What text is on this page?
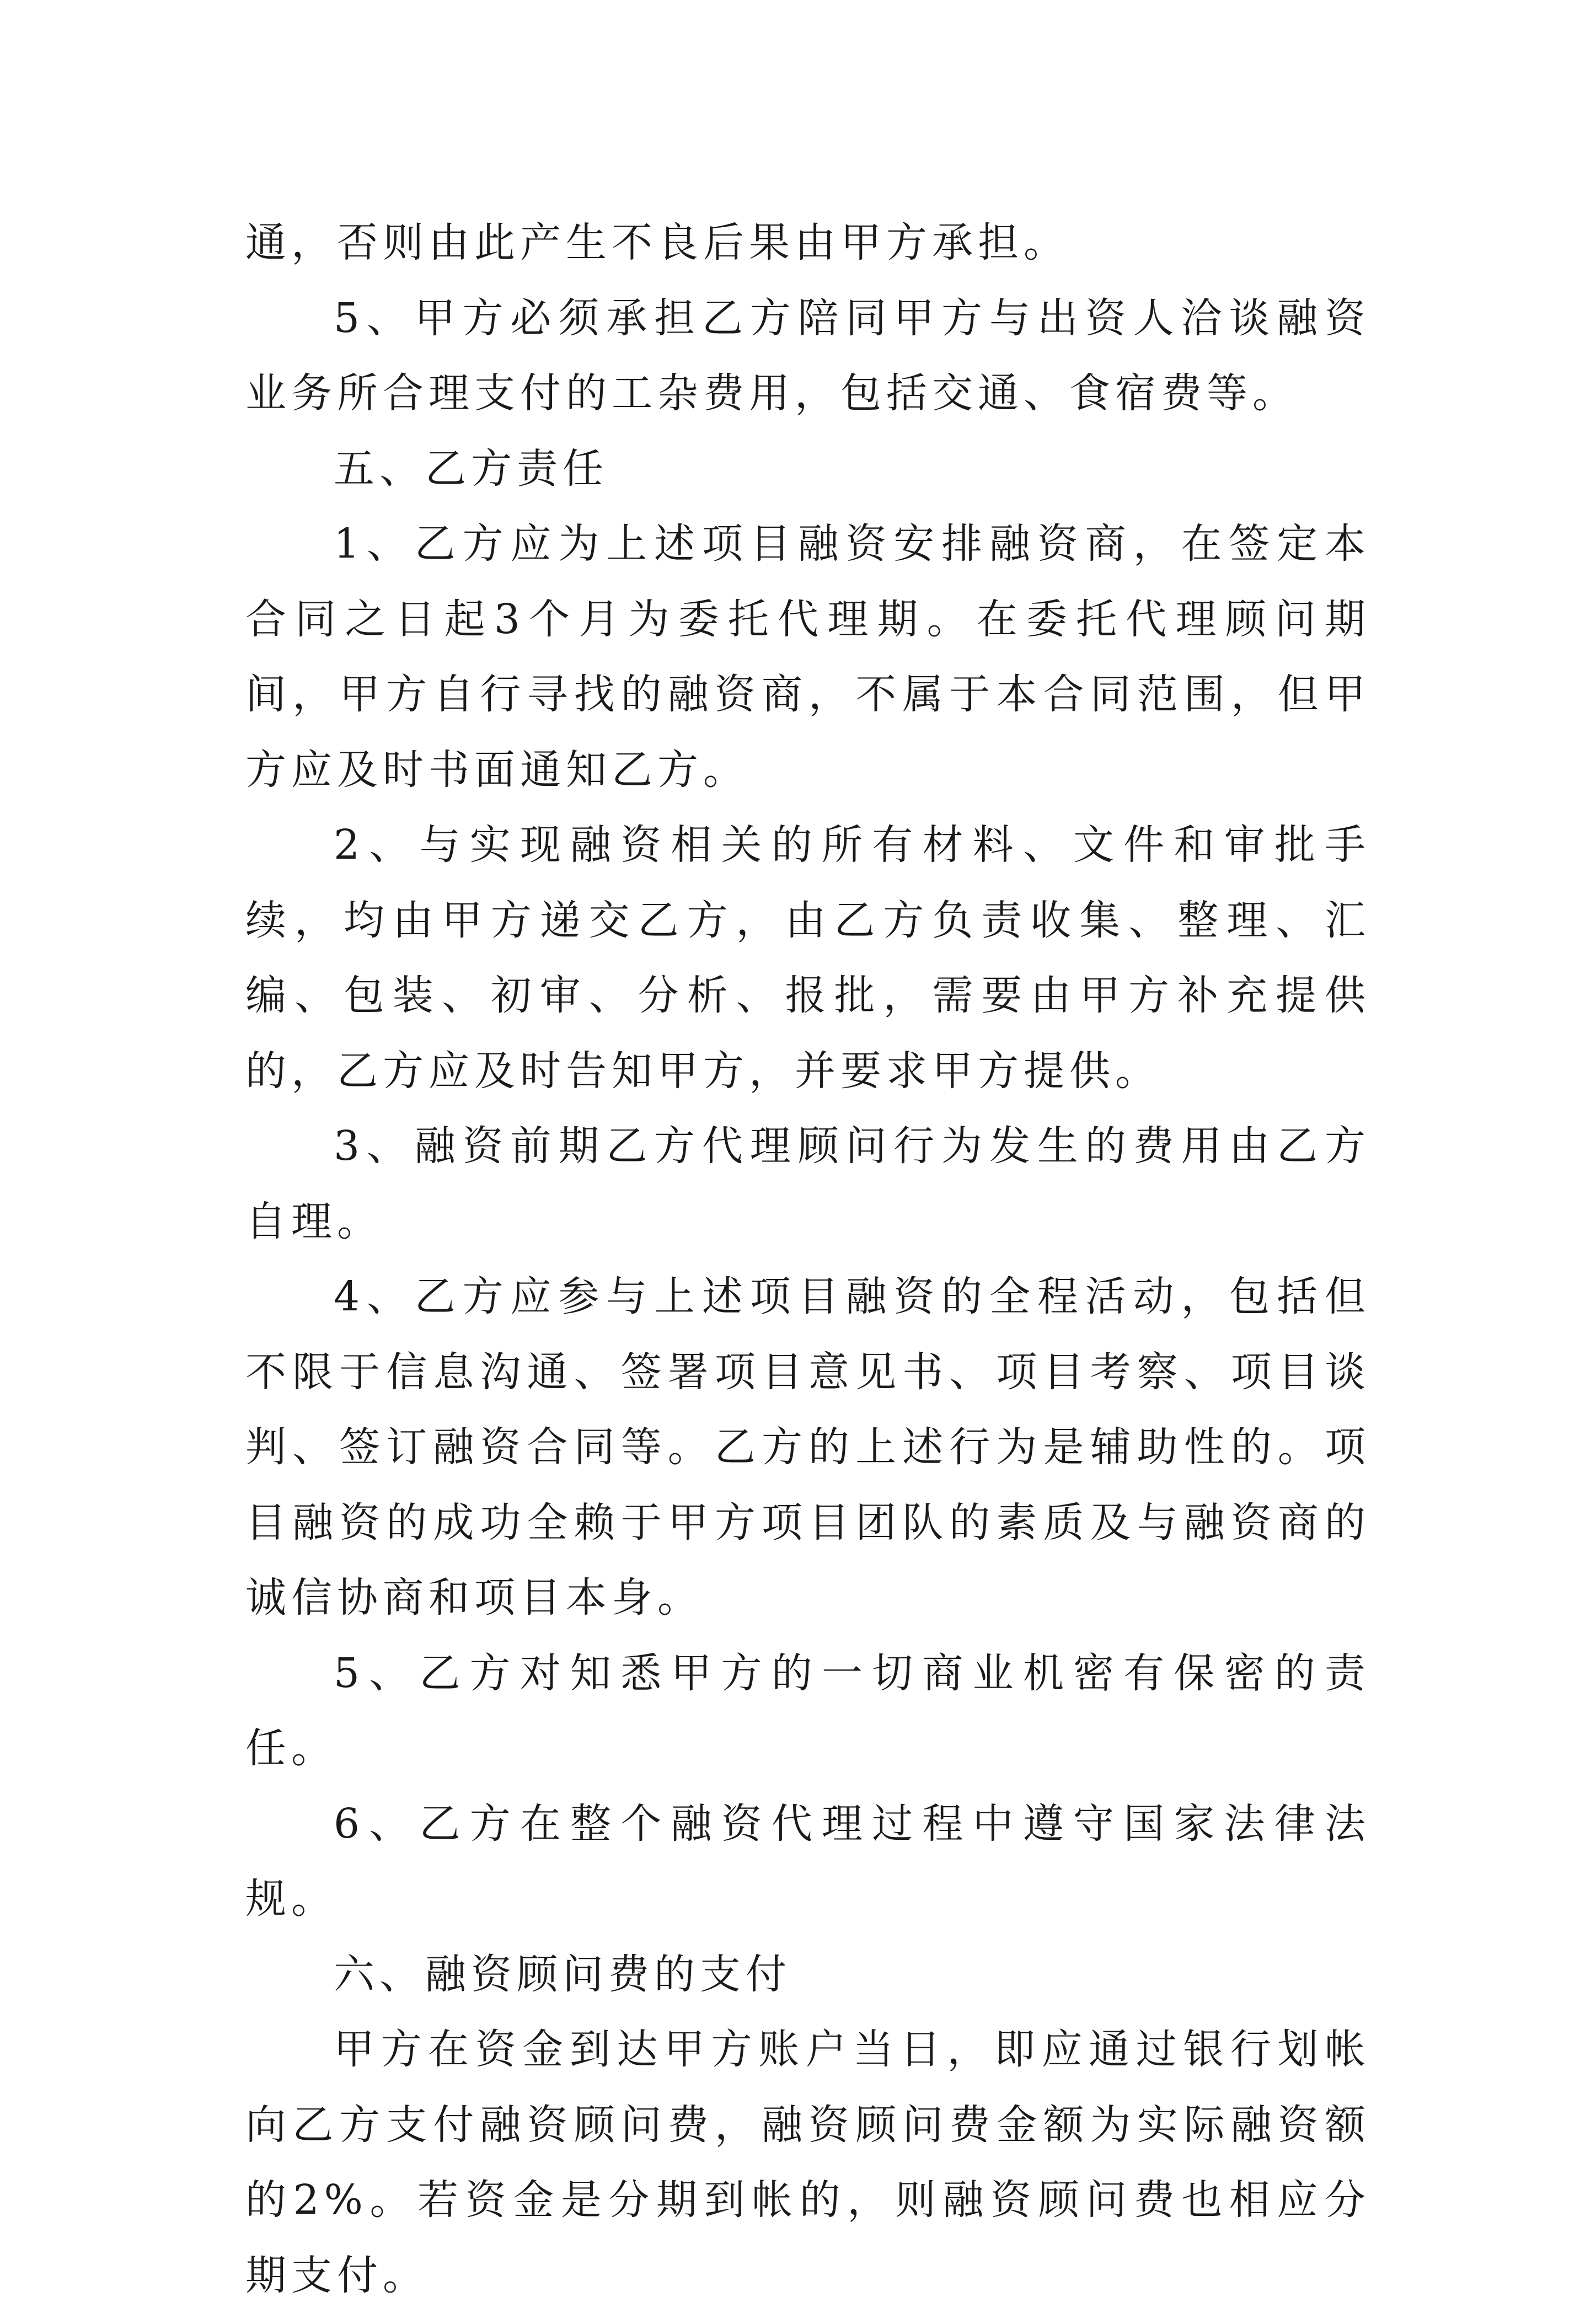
通，否则由此产生不良后果由甲方承担。

5、甲方必须承担乙方陪同甲方与出资人洽谈融资业务所合理支付的工杂费用，包括交通、食宿费等。

五、乙方责任

1、乙方应为上述项目融资安排融资商，在签定本合同之日起3个月为委托代理期。在委托代理顾问期间，甲方自行寻找的融资商，不属于本合同范围，但甲方应及时书面通知乙方。

2、与实现融资相关的所有材料、文件和审批手续，均由甲方递交乙方，由乙方负责收集、整理、汇编、包装、初审、分析、报批，需要由甲方补充提供的，乙方应及时告知甲方，并要求甲方提供。

3、融资前期乙方代理顾问行为发生的费用由乙方自理。

4、乙方应参与上述项目融资的全程活动，包括但不限于信息沟通、签署项目意见书、项目考察、项目谈判、签订融资合同等。乙方的上述行为是辅助性的。项目融资的成功全赖于甲方项目团队的素质及与融资商的诚信协商和项目本身。

5、乙方对知悉甲方的一切商业机密有保密的责任。

6、乙方在整个融资代理过程中遵守国家法律法规。

六、融资顾问费的支付

甲方在资金到达甲方账户当日，即应通过银行划帐向乙方支付融资顾问费，融资顾问费金额为实际融资额的2%。若资金是分期到帐的，则融资顾问费也相应分期支付。
